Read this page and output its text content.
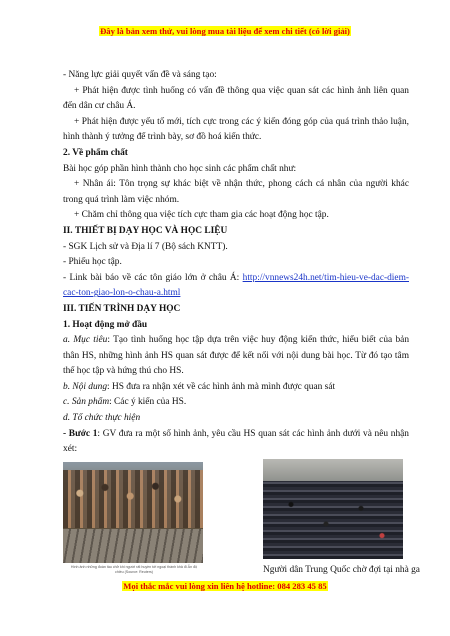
Đây là bản xem thử, vui lòng mua tài liệu để xem chi tiết (có lời giải)

- Năng lực giải quyết vấn đề và sáng tạo:

+ Phát hiện được tình huống có vấn đề thông qua việc quan sát các hình ảnh liên quan đến dân cư châu Á.

+ Phát hiện được yếu tố mới, tích cực trong các ý kiến đóng góp của quá trình thảo luận, hình thành ý tưởng để trình bày, sơ đồ hoá kiến thức.

2. Về phẩm chất

Bài học góp phần hình thành cho học sinh các phẩm chất như:

+ Nhân ái: Tôn trọng sự khác biệt về nhận thức, phong cách cá nhân của người khác trong quá trình làm việc nhóm.

+ Chăm chỉ thông qua việc tích cực tham gia các hoạt động học tập.

II. THIẾT BỊ DẠY HỌC VÀ HỌC LIỆU

- SGK Lịch sử và Địa lí 7 (Bộ sách KNTT).

- Phiếu học tập.

- Link bài báo về các tôn giáo lớn ở châu Á: http://vnnews24h.net/tim-hieu-ve-dac-diem-cac-ton-giao-lon-o-chau-a.html

III. TIẾN TRÌNH DẠY HỌC

1. Hoạt động mở đầu

a. Mục tiêu: Tạo tình huống học tập dựa trên việc huy động kiến thức, hiểu biết của bản thân HS, những hình ảnh HS quan sát được để kết nối với nội dung bài học. Từ đó tạo tâm thế học tập và hứng thú cho HS.

b. Nội dung: HS đưa ra nhận xét về các hình ảnh mà mình được quan sát

c. Sản phẩm: Các ý kiến của HS.

d. Tổ chức thực hiện

- Bước 1: GV đưa ra một số hình ảnh, yêu cầu HS quan sát các hình ảnh dưới và nêu nhận xét:

Hình ảnh những đoàn tàu chở khi người rất huyền tới ngoại thành khả đi Ấn độ chiều (Source: Reuters)	Người dân Trung Quốc chờ đợi tại nhà ga
Mọi thắc mắc vui lòng xin liên hệ hotline: 084 283 45 85
